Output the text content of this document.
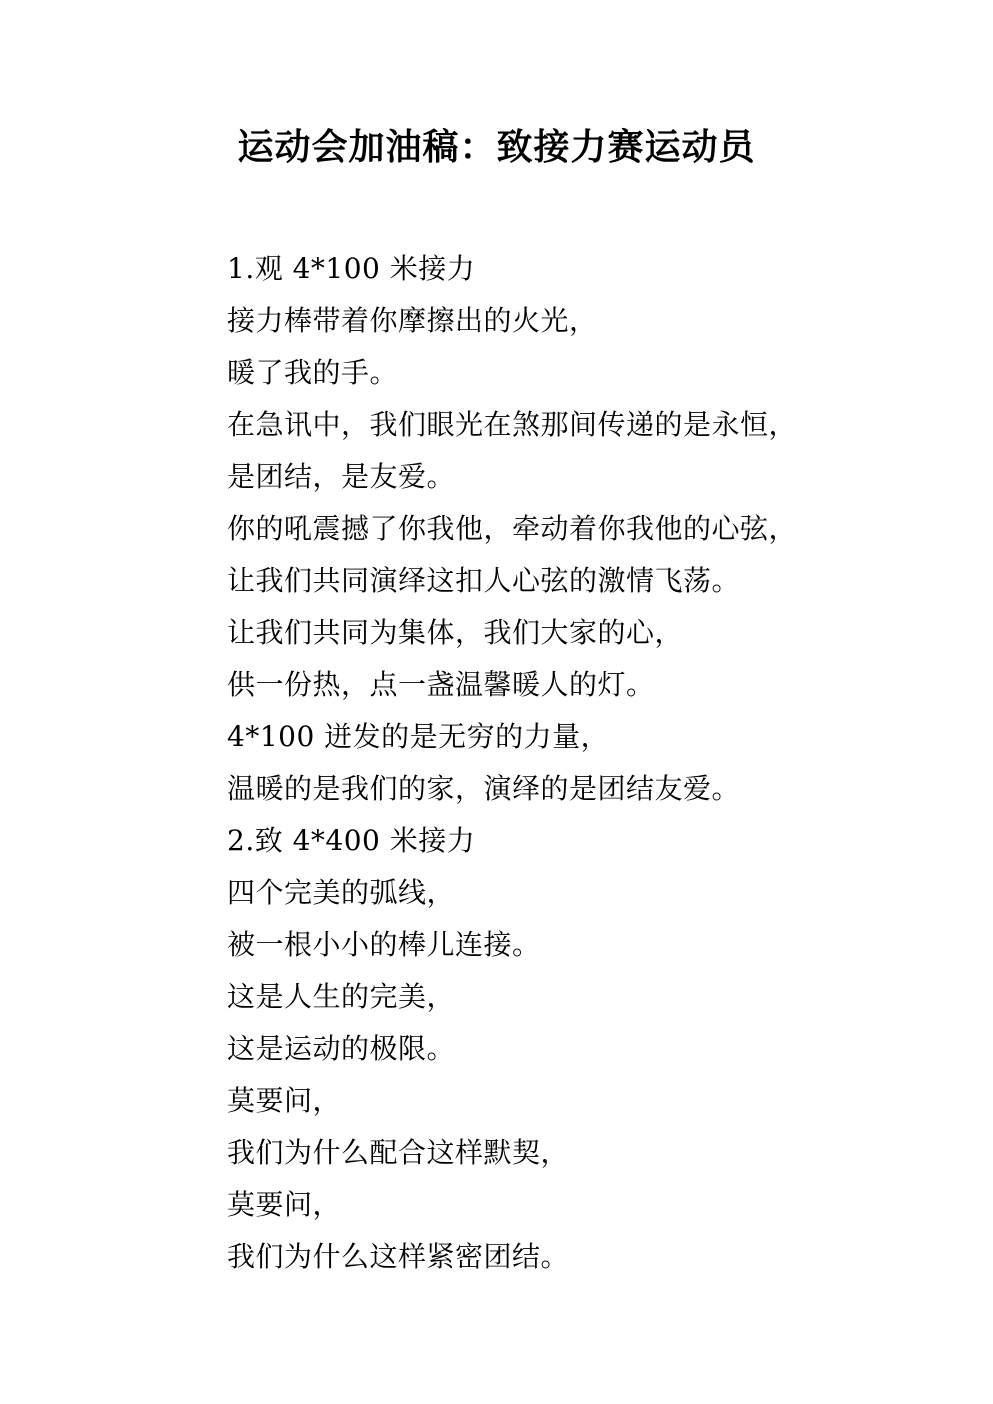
运动会加油稿：致接力赛运动员
1.观 4*100 米接力
接力棒带着你摩擦出的火光，
暖了我的手。
在急讯中，我们眼光在煞那间传递的是永恒，
是团结，是友爱。
你的吼震撼了你我他，牵动着你我他的心弦，
让我们共同演绎这扣人心弦的激情飞荡。
让我们共同为集体，我们大家的心，
供一份热，点一盏温馨暖人的灯。
4*100 迸发的是无穷的力量，
温暖的是我们的家，演绎的是团结友爱。
2.致 4*400 米接力
四个完美的弧线，
被一根小小的棒儿连接。
这是人生的完美，
这是运动的极限。
莫要问，
我们为什么配合这样默契，
莫要问，
我们为什么这样紧密团结。
